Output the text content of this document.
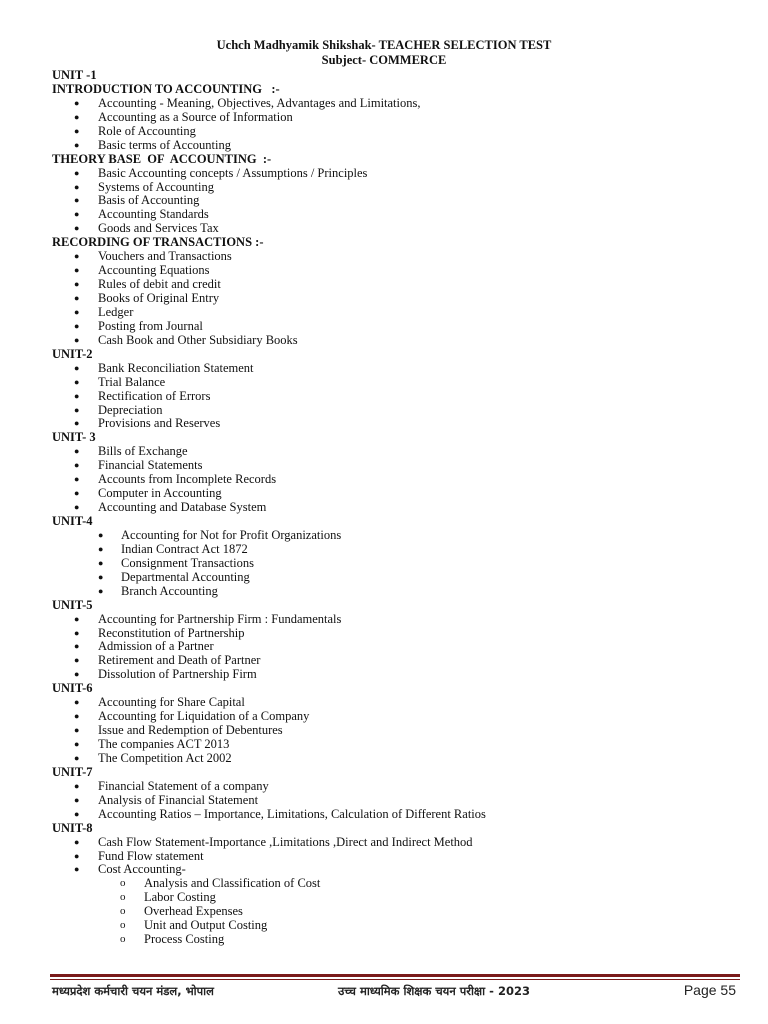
Uchch Madhyamik Shikshak- TEACHER SELECTION TEST
Subject- COMMERCE
UNIT -1
INTRODUCTION TO ACCOUNTING   :-
● Accounting - Meaning, Objectives, Advantages and Limitations,
● Accounting as a Source of Information
● Role of Accounting
● Basic terms of Accounting
THEORY BASE  OF  ACCOUNTING  :-
● Basic Accounting concepts / Assumptions / Principles
● Systems of Accounting
● Basis of Accounting
● Accounting Standards
● Goods and Services Tax
RECORDING OF TRANSACTIONS :-
● Vouchers and Transactions
● Accounting Equations
● Rules of debit and credit
● Books of Original Entry
● Ledger
● Posting from Journal
● Cash Book and Other Subsidiary Books
UNIT-2
● Bank Reconciliation Statement
● Trial Balance
● Rectification of Errors
● Depreciation
● Provisions and Reserves
UNIT- 3
● Bills of Exchange
● Financial Statements
● Accounts from Incomplete Records
● Computer in Accounting
● Accounting and Database System
UNIT-4
● Accounting for Not for Profit Organizations
● Indian Contract Act 1872
● Consignment Transactions
● Departmental Accounting
● Branch Accounting
UNIT-5
● Accounting for Partnership Firm : Fundamentals
● Reconstitution of Partnership
● Admission of a Partner
● Retirement and Death of Partner
● Dissolution of Partnership Firm
UNIT-6
● Accounting for Share Capital
● Accounting for Liquidation of a Company
● Issue and Redemption of Debentures
● The companies ACT 2013
● The Competition Act 2002
UNIT-7
● Financial Statement of a company
● Analysis of Financial Statement
● Accounting Ratios – Importance, Limitations, Calculation of Different Ratios
UNIT-8
● Cash Flow Statement-Importance ,Limitations ,Direct and Indirect Method
● Fund Flow statement
● Cost Accounting-
o Analysis and Classification of Cost
o Labor Costing
o Overhead Expenses
o Unit and Output Costing
o Process Costing
मध्यप्रदेश कर्मचारी चयन मंडल, भोपाल	उच्च माध्यमिक शिक्षक चयन परीक्षा - 2023	Page 55
